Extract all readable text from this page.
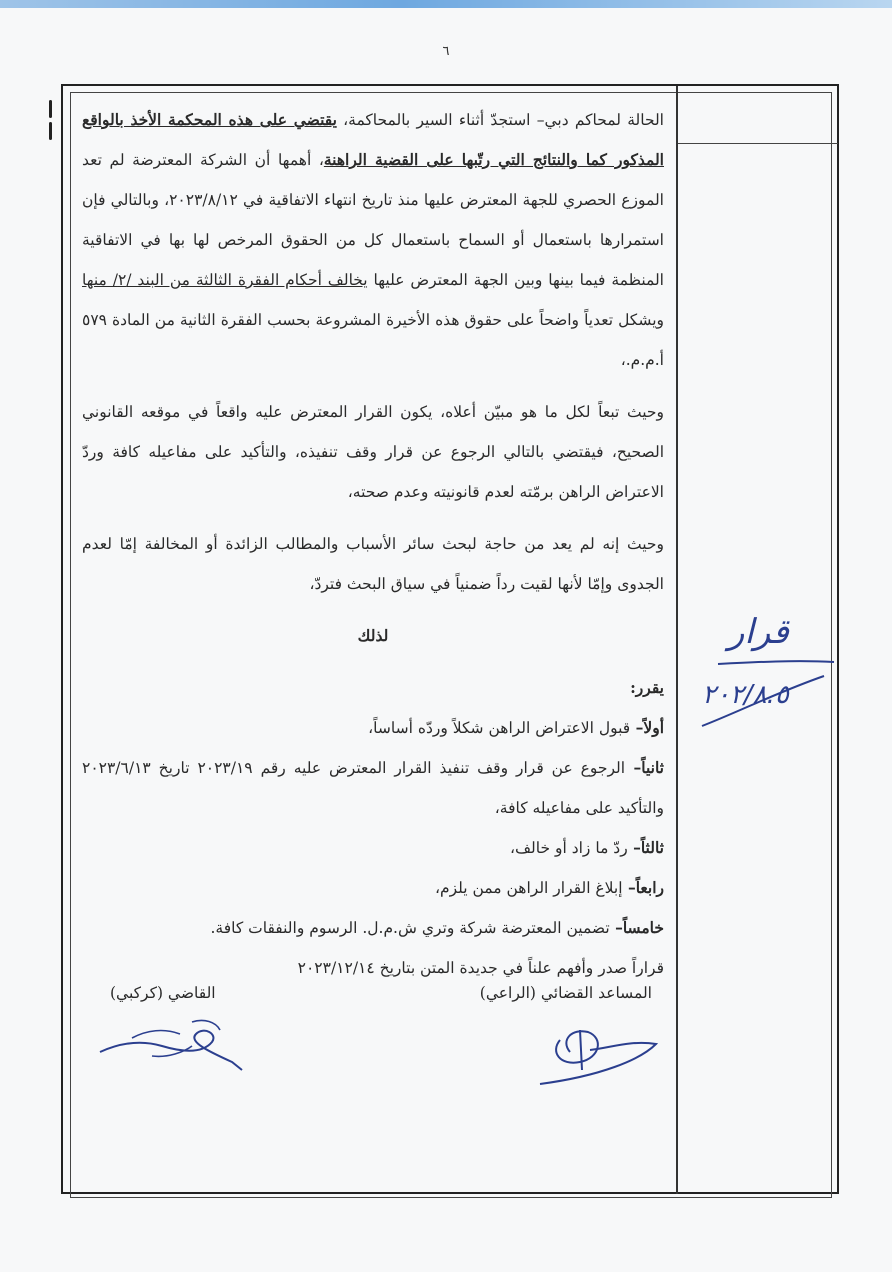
٦

الحالة لمحاكم دبي– استجدّ أثناء السير بالمحاكمة، يقتضي على هذه المحكمة الأخذ بالواقع المذكور كما والنتائج التي رتّبها على القضية الراهنة، أهمها أن الشركة المعترضة لم تعد الموزع الحصري للجهة المعترض عليها منذ تاريخ انتهاء الاتفاقية في ٢٠٢٣/٨/١٢، وبالتالي فإن استمرارها باستعمال أو السماح باستعمال كل من الحقوق المرخص لها بها في الاتفاقية المنظمة فيما بينها وبين الجهة المعترض عليها يخالف أحكام الفقرة الثالثة من البند /٢/ منها ويشكل تعدياً واضحاً على حقوق هذه الأخيرة المشروعة بحسب الفقرة الثانية من المادة ٥٧٩ أ.م.م.،

وحيث تبعاً لكل ما هو مبيّن أعلاه، يكون القرار المعترض عليه واقعاً في موقعه القانوني الصحيح، فيقتضي بالتالي الرجوع عن قرار وقف تنفيذه، والتأكيد على مفاعيله كافة وردّ الاعتراض الراهن برمّته لعدم قانونيته وعدم صحته،

وحيث إنه لم يعد من حاجة لبحث سائر الأسباب والمطالب الزائدة أو المخالفة إمّا لعدم الجدوى وإمّا لأنها لقيت رداً ضمنياً في سياق البحث فتردّ،

لذلك

يقرر:

أولاً– قبول الاعتراض الراهن شكلاً وردّه أساساً،

ثانياً– الرجوع عن قرار وقف تنفيذ القرار المعترض عليه رقم ٢٠٢٣/١٩ تاريخ ٢٠٢٣/٦/١٣ والتأكيد على مفاعيله كافة،

ثالثاً– ردّ ما زاد أو خالف،

رابعاً– إبلاغ القرار الراهن ممن يلزم،

خامساً– تضمين المعترضة شركة وتري ش.م.ل. الرسوم والنفقات كافة.

قراراً صدر وأفهم علناً في جديدة المتن بتاريخ ٢٠٢٣/١٢/١٤

المساعد القضائي (الراعي)
القاضي (كركبي)
قرار
٢٠٢/٨.٥
